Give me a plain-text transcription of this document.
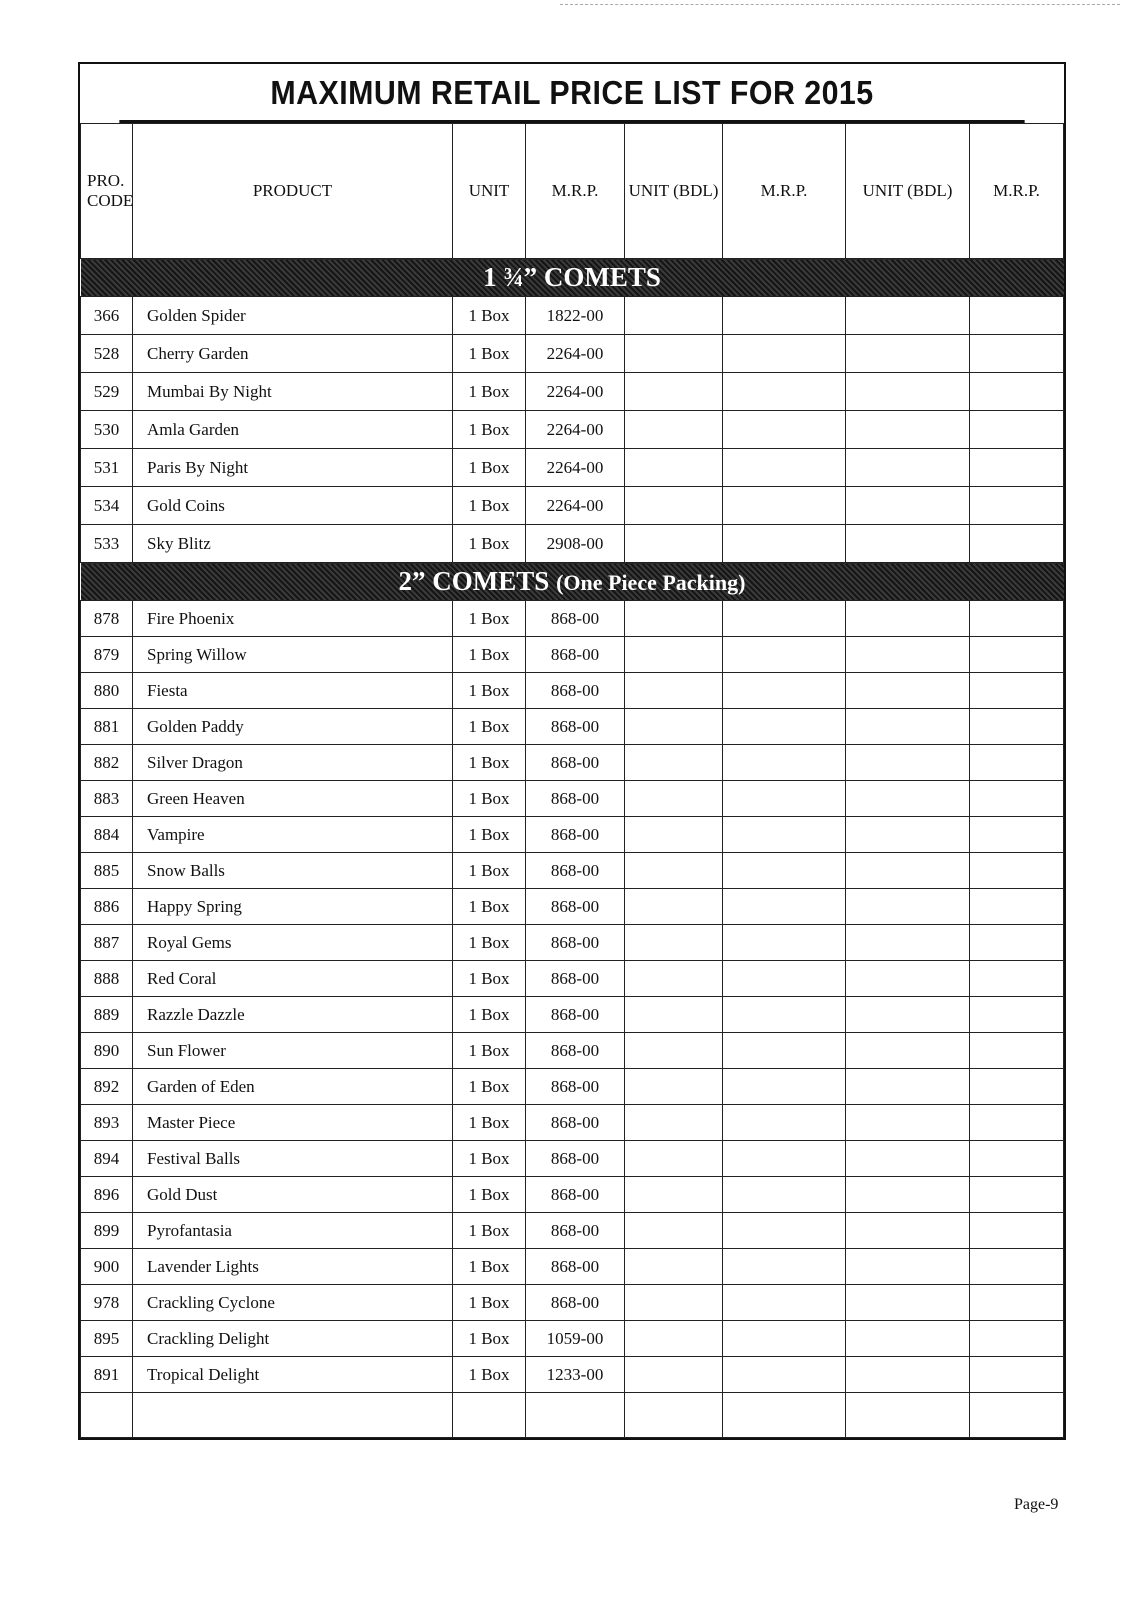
MAXIMUM RETAIL PRICE LIST FOR 2015
PRO. CODE	PRODUCT	UNIT	M.R.P.	UNIT (BDL)	M.R.P.	UNIT (BDL)	M.R.P.
1 ¾” COMETS							
366	Golden Spider	1 Box	1822-00				
528	Cherry Garden	1 Box	2264-00				
529	Mumbai By Night	1 Box	2264-00				
530	Amla Garden	1 Box	2264-00				
531	Paris By Night	1 Box	2264-00				
534	Gold Coins	1 Box	2264-00				
533	Sky Blitz	1 Box	2908-00				
2” COMETS (One Piece Packing)							
878	Fire Phoenix	1 Box	868-00				
879	Spring Willow	1 Box	868-00				
880	Fiesta	1 Box	868-00				
881	Golden Paddy	1 Box	868-00				
882	Silver Dragon	1 Box	868-00				
883	Green Heaven	1 Box	868-00				
884	Vampire	1 Box	868-00				
885	Snow Balls	1 Box	868-00				
886	Happy Spring	1 Box	868-00				
887	Royal Gems	1 Box	868-00				
888	Red Coral	1 Box	868-00				
889	Razzle Dazzle	1 Box	868-00				
890	Sun Flower	1 Box	868-00				
892	Garden of Eden	1 Box	868-00				
893	Master Piece	1 Box	868-00				
894	Festival Balls	1 Box	868-00				
896	Gold Dust	1 Box	868-00				
899	Pyrofantasia	1 Box	868-00				
900	Lavender Lights	1 Box	868-00				
978	Crackling Cyclone	1 Box	868-00				
895	Crackling Delight	1 Box	1059-00				
891	Tropical Delight	1 Box	1233-00				

Page-9
